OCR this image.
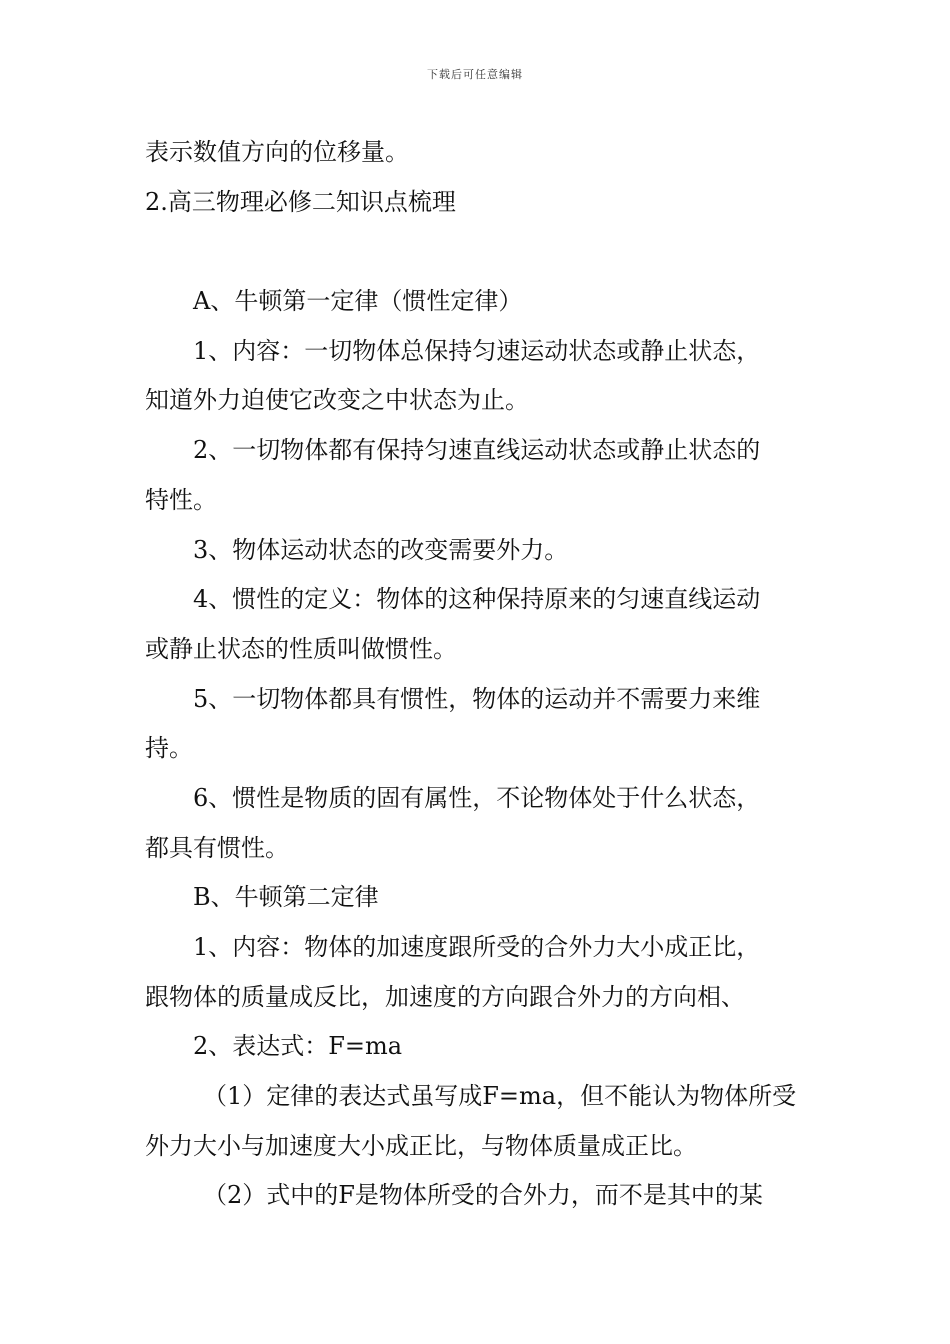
下载后可任意编辑
表示数值方向的位移量。
2.高三物理必修二知识点梳理
A、牛顿第一定律（惯性定律）
1、内容：一切物体总保持匀速运动状态或静止状态，
知道外力迫使它改变之中状态为止。
2、一切物体都有保持匀速直线运动状态或静止状态的
特性。
3、物体运动状态的改变需要外力。
4、惯性的定义：物体的这种保持原来的匀速直线运动
或静止状态的性质叫做惯性。
5、一切物体都具有惯性，物体的运动并不需要力来维
持。
6、惯性是物质的固有属性，不论物体处于什么状态，
都具有惯性。
B、牛顿第二定律
1、内容：物体的加速度跟所受的合外力大小成正比，
跟物体的质量成反比，加速度的方向跟合外力的方向相、
2、表达式：F=ma
（1）定律的表达式虽写成F=ma，但不能认为物体所受
外力大小与加速度大小成正比，与物体质量成正比。
（2）式中的F是物体所受的合外力，而不是其中的某
